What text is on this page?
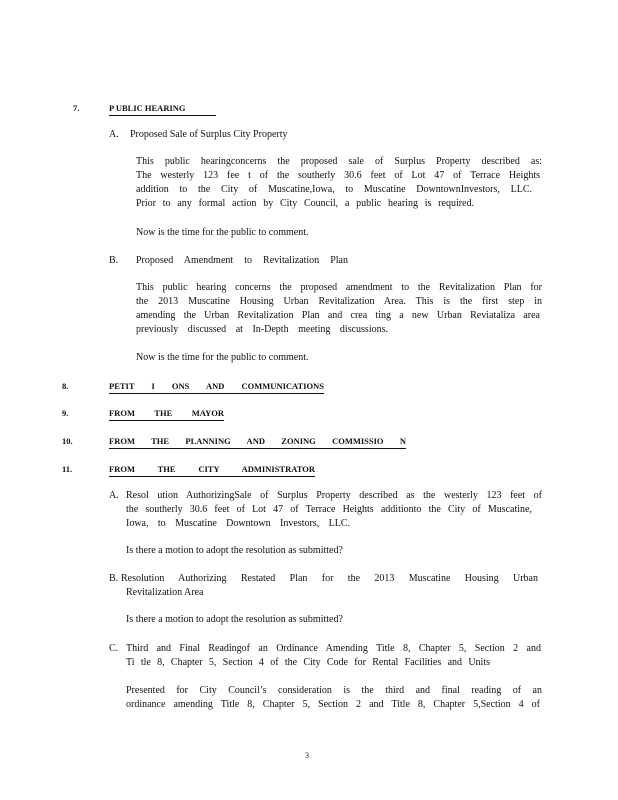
7.	P UBLIC HEARING
A. Proposed Sale of Surplus City Property
This public hearingconcerns the proposed sale of Surplus Property described as:
The westerly 123 fee t of the southerly 30.6 feet of Lot 47 of Terrace Heights
addition to the City of Muscatine,Iowa, to Muscatine DowntownInvestors, LLC.
Prior to any formal action by City Council, a public hearing is required.
Now is the time for the public to comment.
B. Proposed Amendment to Revitalization Plan
This public hearing concerns the proposed amendment to the Revitalization Plan for
the 2013 Muscatine Housing Urban Revitalization Area. This is the first step in
amending the Urban Revitalization Plan and crea ting a new Urban Reviataliza area
previously discussed at In-Depth meeting discussions.
Now is the time for the public to comment.
8.	PETIT I ONS AND COMMUNICATIONS
9.	FROM THE MAYOR
10.	FROM THE PLANNING AND ZONING COMMISSIO N
11.	FROM THE CITY ADMINISTRATOR
A. Resol ution AuthorizingSale of Surplus Property described as the westerly 123 feet of
the southerly 30.6 feet of Lot 47 of Terrace Heights additionto the City of Muscatine,
Iowa, to Muscatine Downtown Investors, LLC.
Is there a motion to adopt the resolution as submitted?
B. Resolution Authorizing Restated Plan for the 2013 Muscatine Housing Urban
Revitalization Area
Is there a motion to adopt the resolution as submitted?
C. Third and Final Readingof an Ordinance Amending Title 8, Chapter 5, Section 2 and
Ti tle 8, Chapter 5, Section 4 of the City Code for Rental Facilities and Units
Presented for City Council’s consideration is the third and final reading of an
ordinance amending Title 8, Chapter 5, Section 2 and Title 8, Chapter 5,Section 4 of
3
